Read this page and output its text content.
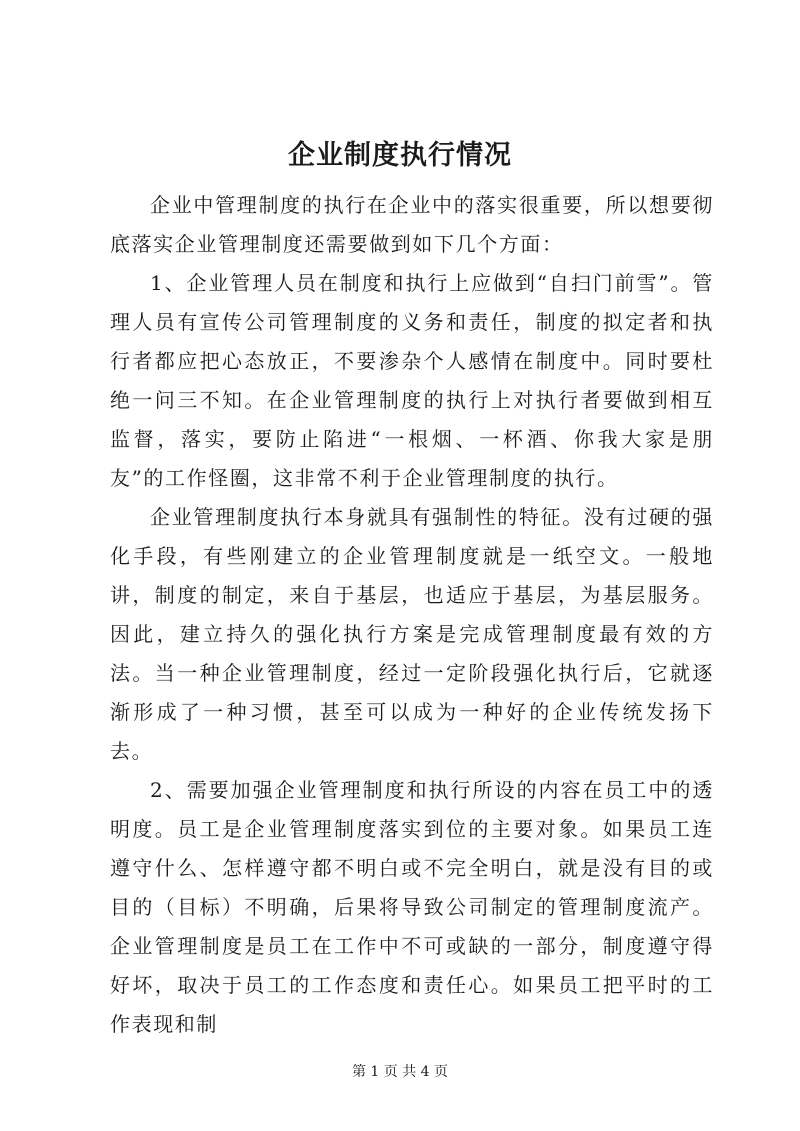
企业制度执行情况

企业中管理制度的执行在企业中的落实很重要，所以想要彻底落实企业管理制度还需要做到如下几个方面：

1、企业管理人员在制度和执行上应做到“自扫门前雪”。管理人员有宣传公司管理制度的义务和责任，制度的拟定者和执行者都应把心态放正，不要渗杂个人感情在制度中。同时要杜绝一问三不知。在企业管理制度的执行上对执行者要做到相互监督，落实，要防止陷进“一根烟、一杯酒、你我大家是朋友”的工作怪圈，这非常不利于企业管理制度的执行。

企业管理制度执行本身就具有强制性的特征。没有过硬的强化手段，有些刚建立的企业管理制度就是一纸空文。一般地讲，制度的制定，来自于基层，也适应于基层，为基层服务。因此，建立持久的强化执行方案是完成管理制度最有效的方法。当一种企业管理制度，经过一定阶段强化执行后，它就逐渐形成了一种习惯，甚至可以成为一种好的企业传统发扬下去。

2、需要加强企业管理制度和执行所设的内容在员工中的透明度。员工是企业管理制度落实到位的主要对象。如果员工连遵守什么、怎样遵守都不明白或不完全明白，就是没有目的或目的（目标）不明确，后果将导致公司制定的管理制度流产。企业管理制度是员工在工作中不可或缺的一部分，制度遵守得好坏，取决于员工的工作态度和责任心。如果员工把平时的工作表现和制

第 1 页 共 4 页
